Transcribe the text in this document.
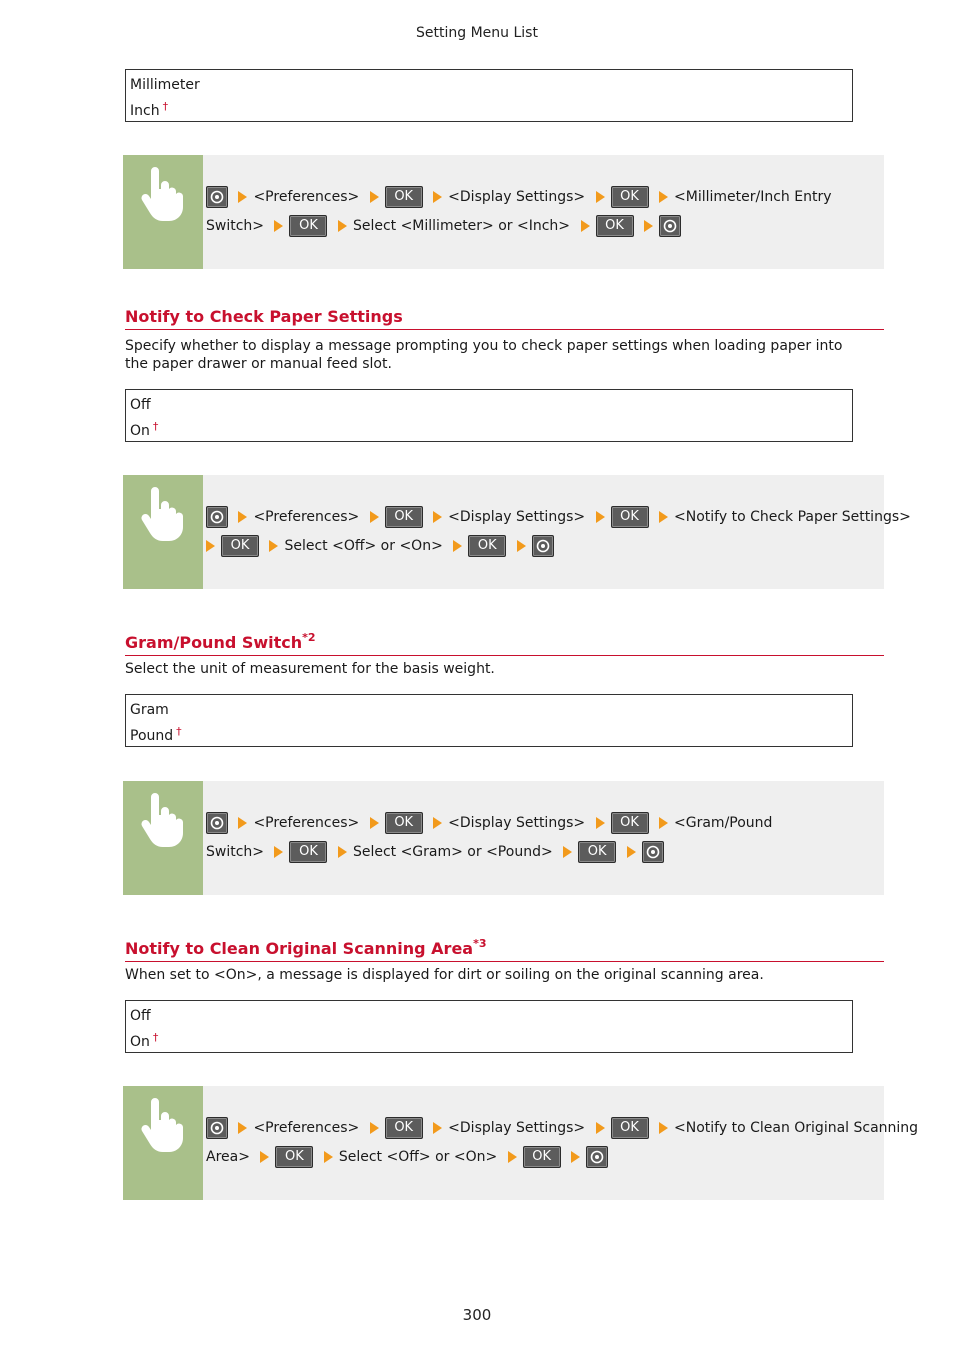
Setting Menu List
Millimeter
Inch †
<Preferences>	OK	<Display Settings>	OK	<Millimeter/Inch Entry
Switch>	OK	Select <Millimeter> or <Inch>	OK
Notify to Check Paper Settings
Specify whether to display a message prompting you to check paper settings when loading paper into the paper drawer or manual feed slot.
Off
On †
<Preferences>	OK	<Display Settings>	OK	<Notify to Check Paper Settings>
OK	Select <Off> or <On>	OK
Gram/Pound Switch$^{*2}$
Select the unit of measurement for the basis weight.
Gram
Pound †
<Preferences>	OK	<Display Settings>	OK	<Gram/Pound
Switch>	OK	Select <Gram> or <Pound>	OK
Notify to Clean Original Scanning Area$^{*3}$
When set to <On>, a message is displayed for dirt or soiling on the original scanning area.
Off
On †
<Preferences>	OK	<Display Settings>	OK	<Notify to Clean Original Scanning
Area>	OK	Select <Off> or <On>	OK
300
